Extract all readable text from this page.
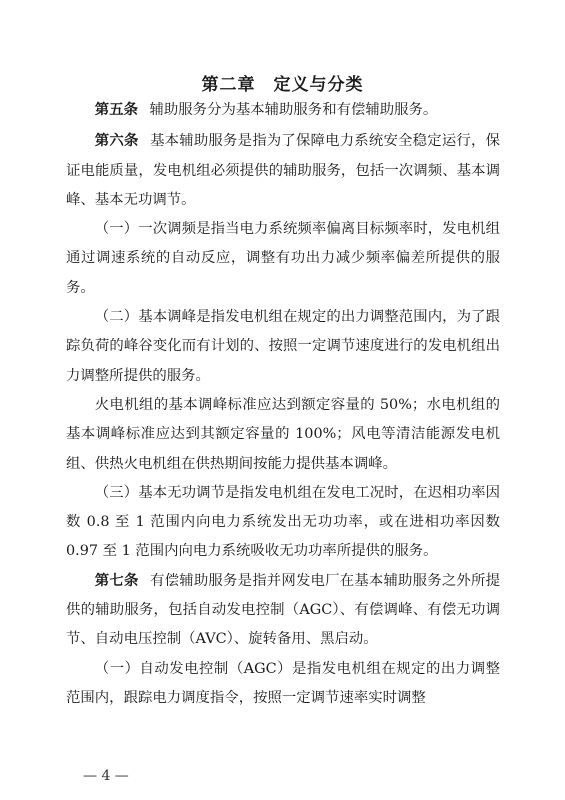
第二章　定义与分类

第五条 辅助服务分为基本辅助服务和有偿辅助服务。

第六条 基本辅助服务是指为了保障电力系统安全稳定运行，保证电能质量，发电机组必须提供的辅助服务，包括一次调频、基本调峰、基本无功调节。

（一）一次调频是指当电力系统频率偏离目标频率时，发电机组通过调速系统的自动反应，调整有功出力减少频率偏差所提供的服务。

（二）基本调峰是指发电机组在规定的出力调整范围内，为了跟踪负荷的峰谷变化而有计划的、按照一定调节速度进行的发电机组出力调整所提供的服务。

火电机组的基本调峰标准应达到额定容量的 50%；水电机组的基本调峰标准应达到其额定容量的 100%；风电等清洁能源发电机组、供热火电机组在供热期间按能力提供基本调峰。

（三）基本无功调节是指发电机组在发电工况时，在迟相功率因数 0.8 至 1 范围内向电力系统发出无功功率，或在进相功率因数 0.97 至 1 范围内向电力系统吸收无功功率所提供的服务。

第七条 有偿辅助服务是指并网发电厂在基本辅助服务之外所提供的辅助服务，包括自动发电控制（AGC）、有偿调峰、有偿无功调节、自动电压控制（AVC）、旋转备用、黑启动。

（一）自动发电控制（AGC）是指发电机组在规定的出力调整范围内，跟踪电力调度指令，按照一定调节速率实时调整

— 4 —
